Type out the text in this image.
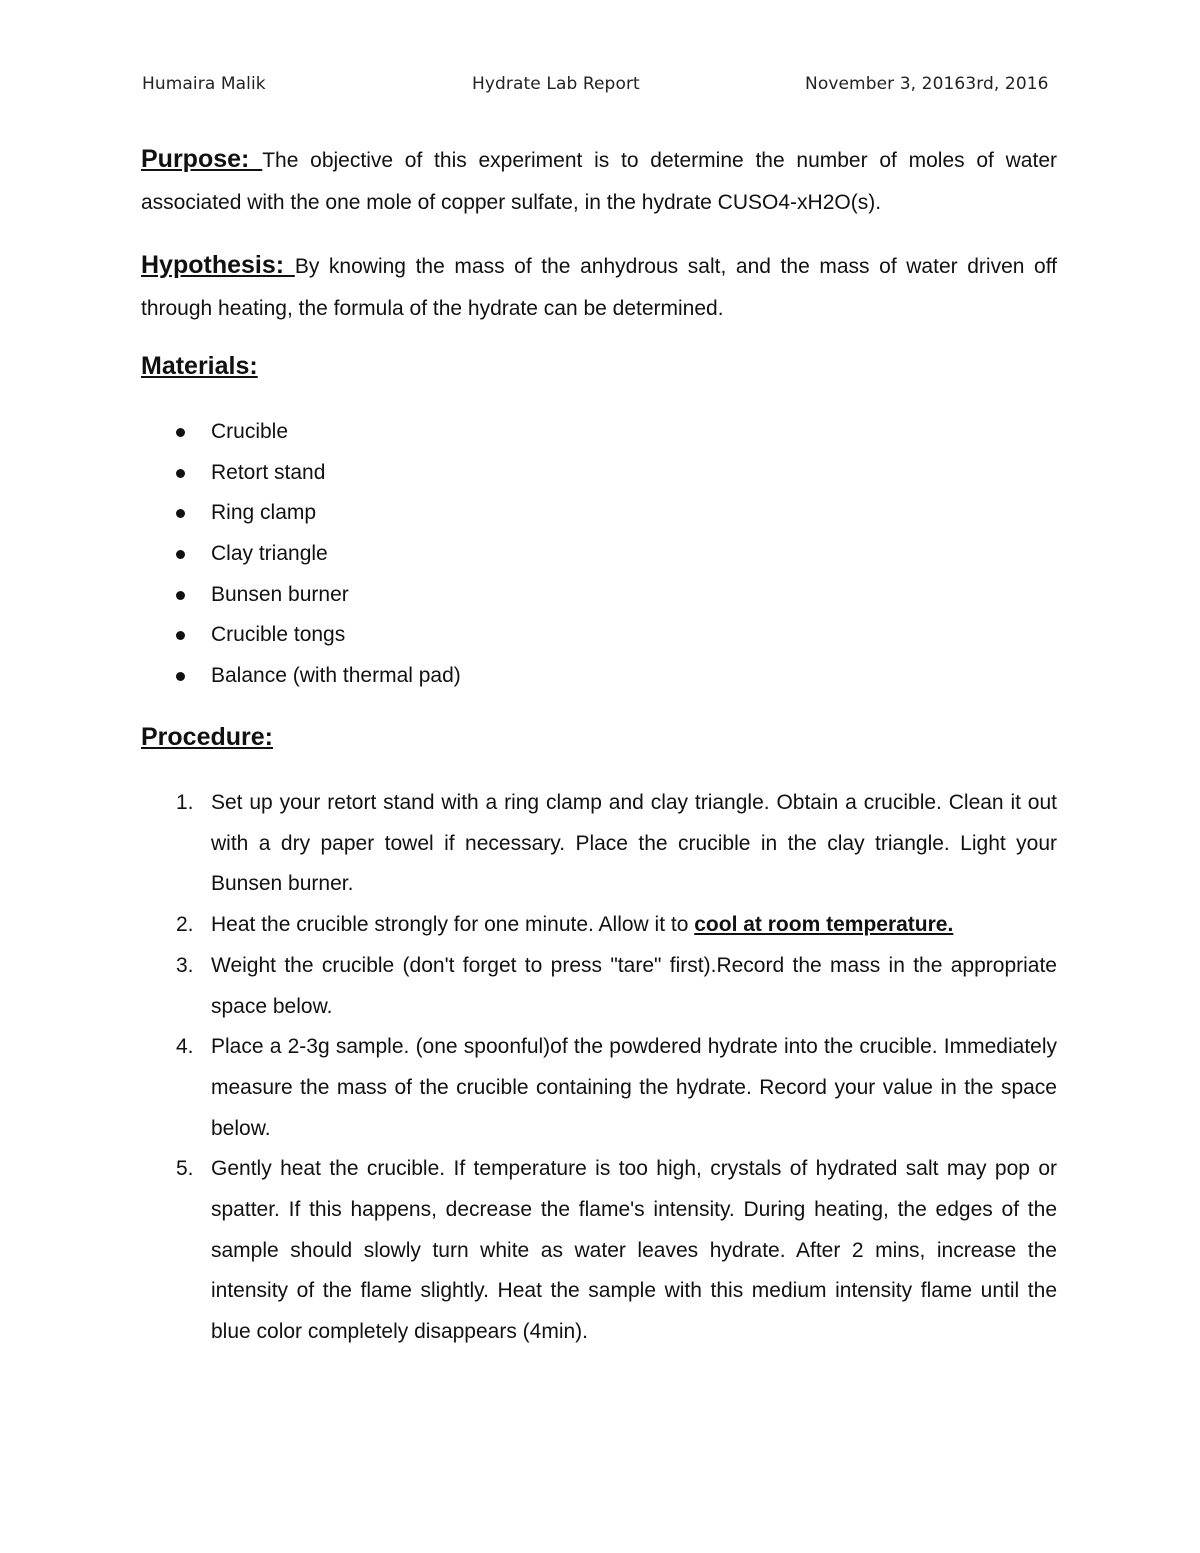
Humaira Malik	Hydrate Lab Report	November 3, 20163rd, 2016

Purpose: The objective of this experiment is to determine the number of moles of water associated with the one mole of copper sulfate, in the hydrate CUSO4-xH2O(s).

Hypothesis: By knowing the mass of the anhydrous salt, and the mass of water driven off through heating, the formula of the hydrate can be determined.

Materials:
Crucible
Retort stand
Ring clamp
Clay triangle
Bunsen burner
Crucible tongs
Balance (with thermal pad)
Procedure:
1. Set up your retort stand with a ring clamp and clay triangle. Obtain a crucible. Clean it out with a dry paper towel if necessary. Place the crucible in the clay triangle. Light your Bunsen burner.
2. Heat the crucible strongly for one minute. Allow it to cool at room temperature.
3. Weight the crucible (don't forget to press "tare" first).Record the mass in the appropriate space below.
4. Place a 2-3g sample. (one spoonful)of the powdered hydrate into the crucible. Immediately measure the mass of the crucible containing the hydrate. Record your value in the space below.
5. Gently heat the crucible. If temperature is too high, crystals of hydrated salt may pop or spatter. If this happens, decrease the flame's intensity. During heating, the edges of the sample should slowly turn white as water leaves hydrate. After 2 mins, increase the intensity of the flame slightly. Heat the sample with this medium intensity flame until the blue color completely disappears (4min).
